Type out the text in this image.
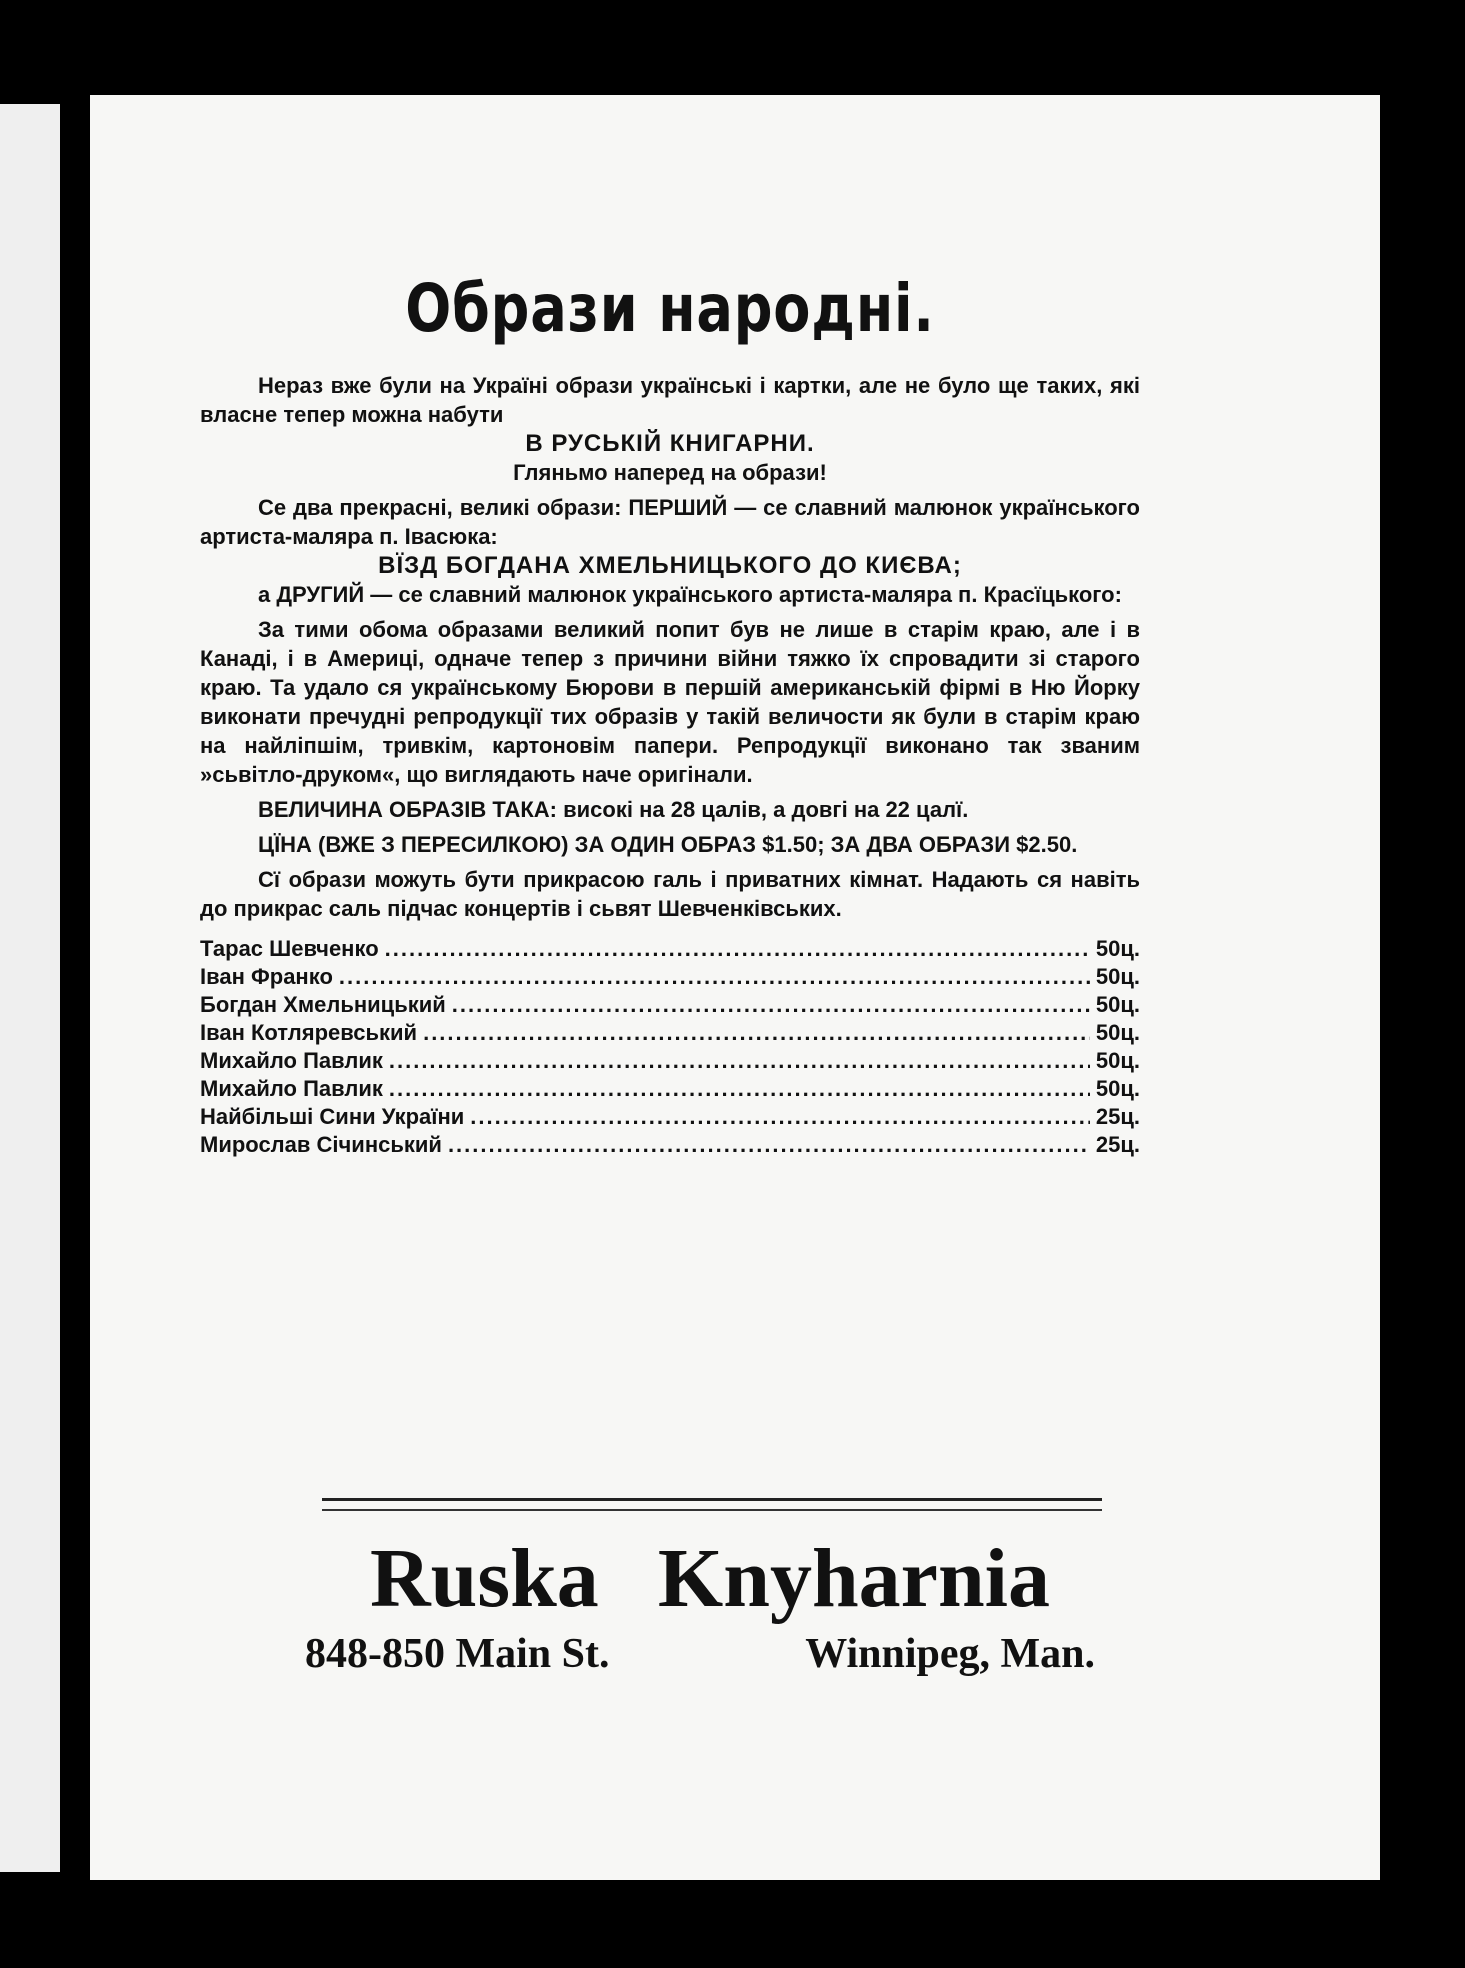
Образи народні.

Нераз вже були на Україні образи українські і картки, але не було ще таких, які власне тепер можна набути

В РУСЬКІЙ КНИГАРНИ.

Гляньмо наперед на образи!

Се два прекрасні, великі образи: ПЕРШИЙ — се славний малюнок українського артиста-маляра п. Івасюка:

ВЇЗД БОГДАНА ХМЕЛЬНИЦЬКОГО ДО КИЄВА;

а ДРУГИЙ — се славний малюнок українського артиста-маляра п. Красїцького:

За тими обома образами великий попит був не лише в старім краю, але і в Канаді, і в Америці, одначе тепер з причини війни тяжко їх спровадити зі старого краю. Та удало ся українському Бюрови в першій американській фірмі в Ню Йорку виконати пречудні репродукції тих образів у такій величости як були в старім краю на найліпшім, тривкім, картоновім папери. Репродукції виконано так званим »сьвітло-друком«, що виглядають наче оригінали.

ВЕЛИЧИНА ОБРАЗІВ ТАКА: високі на 28 цалів, а довгі на 22 цалї.

ЦЇНА (ВЖЕ З ПЕРЕСИЛКОЮ) ЗА ОДИН ОБРАЗ $1.50; ЗА ДВА ОБРАЗИ $2.50.

Сї образи можуть бути прикрасою галь і приватних кімнат. Надають ся навіть до прикрас саль підчас концертів і сьвят Шевченківських.

Тарас Шевченко .....	50ц.
Іван Франко .....	50ц.
Богдан Хмельницький .....	50ц.
Іван Котляревський .....	50ц.
Михайло Павлик .....	50ц.
Михайло Павлик .....	50ц.
Найбільші Сини України .....	25ц.
Мирослав Січинський .....	25ц.
Ruska Knyharnia
848-850 Main St.	Winnipeg, Man.
